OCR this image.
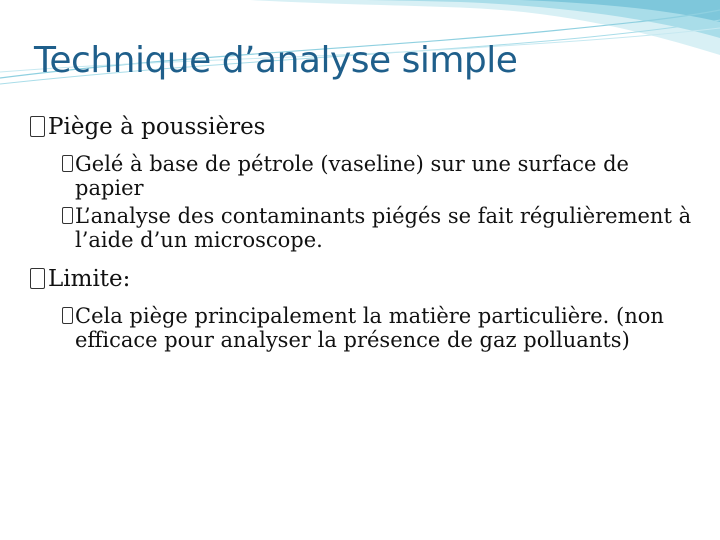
Technique d’analyse simple
Piège à poussières
Gelé à base de pétrole (vaseline) sur une surface de papier
L’analyse des contaminants piégés se fait régulièrement à l’aide d’un microscope.
Limite:
Cela piège principalement la matière particulière. (non efficace pour analyser la présence de gaz polluants)
